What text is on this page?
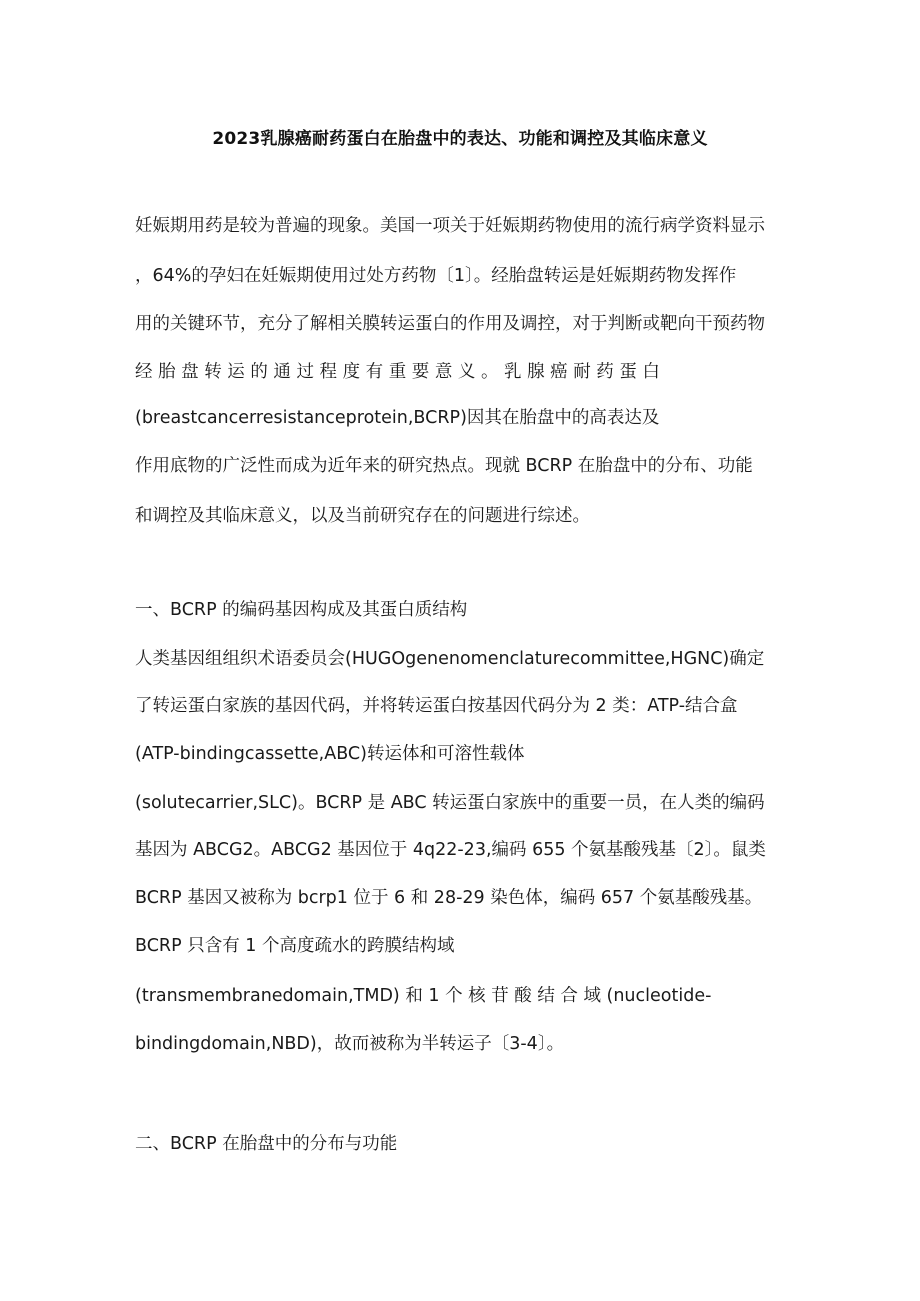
2023乳腺癌耐药蛋白在胎盘中的表达、功能和调控及其临床意义
妊娠期用药是较为普遍的现象。美国一项关于妊娠期药物使用的流行病学资料显示
，64%的孕妇在妊娠期使用过处方药物〔1〕。经胎盘转运是妊娠期药物发挥作
用的关键环节，充分了解相关膜转运蛋白的作用及调控，对于判断或靶向干预药物
经 胎 盘 转 运 的 通 过 程 度 有 重 要 意 义 。 乳 腺 癌 耐 药 蛋 白
(breastcancerresistanceprotein,BCRP)因其在胎盘中的高表达及
作用底物的广泛性而成为近年来的研究热点。现就 BCRP 在胎盘中的分布、功能
和调控及其临床意义，以及当前研究存在的问题进行综述。
一、BCRP 的编码基因构成及其蛋白质结构
人类基因组组织术语委员会(HUGOgenenomenclaturecommittee,HGNC)确定
了转运蛋白家族的基因代码，并将转运蛋白按基因代码分为 2 类：ATP-结合盒
(ATP-bindingcassette,ABC)转运体和可溶性载体
(solutecarrier,SLC)。BCRP 是 ABC 转运蛋白家族中的重要一员，在人类的编码
基因为 ABCG2。ABCG2 基因位于 4q22-23,编码 655 个氨基酸残基〔2〕。鼠类
BCRP 基因又被称为 bcrp1 位于 6 和 28-29 染色体，编码 657 个氨基酸残基。
BCRP 只含有 1 个高度疏水的跨膜结构域
(transmembranedomain,TMD) 和 1 个 核 苷 酸 结 合 域 (nucleotide-
bindingdomain,NBD)，故而被称为半转运子〔3-4〕。
二、BCRP 在胎盘中的分布与功能
